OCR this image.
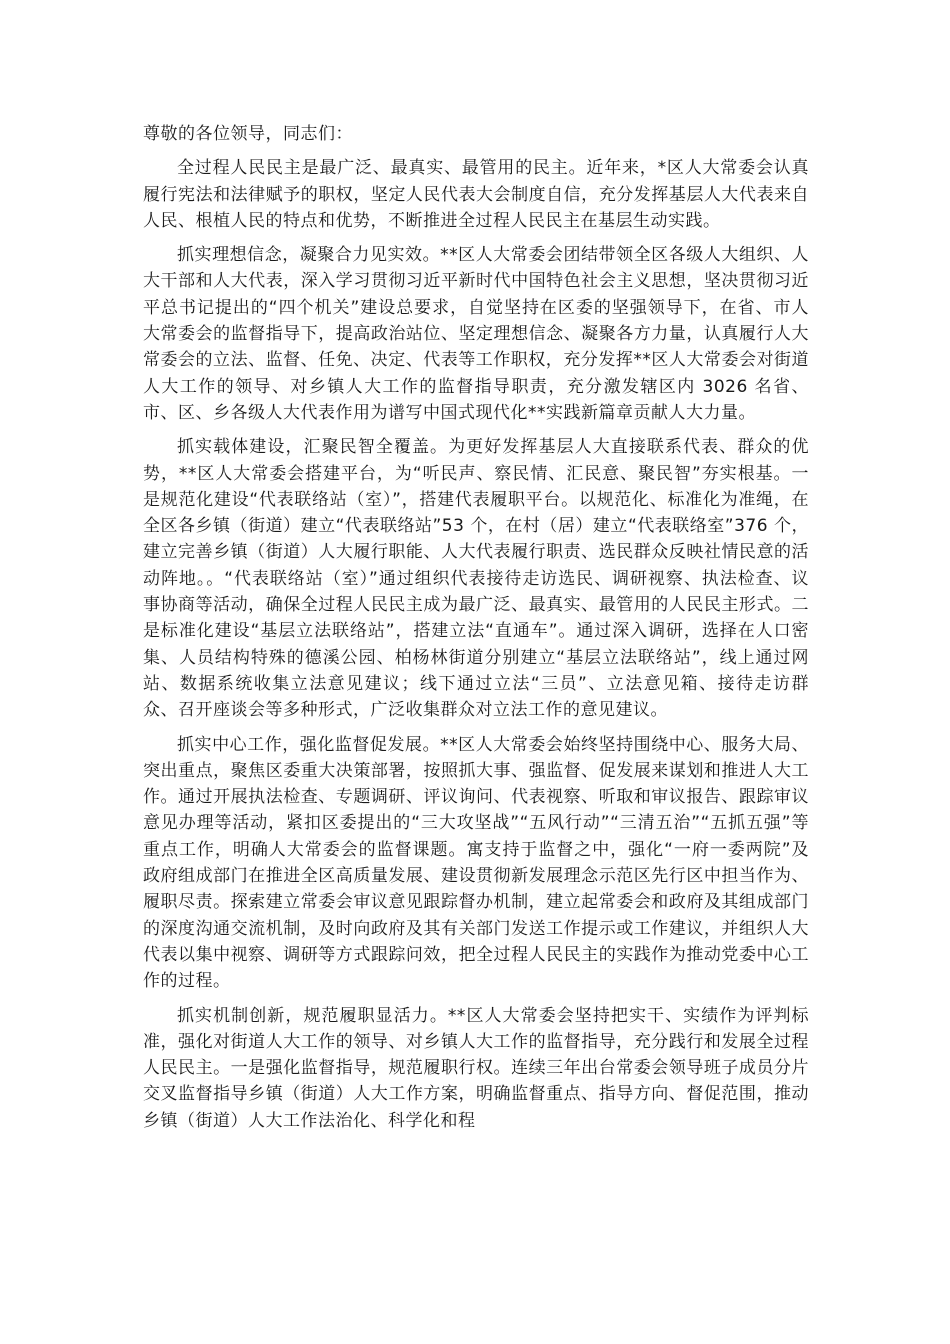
尊敬的各位领导，同志们：

全过程人民民主是最广泛、最真实、最管用的民主。近年来，*区人大常委会认真履行宪法和法律赋予的职权，坚定人民代表大会制度自信，充分发挥基层人大代表来自人民、根植人民的特点和优势，不断推进全过程人民民主在基层生动实践。

抓实理想信念，凝聚合力见实效。**区人大常委会团结带领全区各级人大组织、人大干部和人大代表，深入学习贯彻习近平新时代中国特色社会主义思想，坚决贯彻习近平总书记提出的“四个机关”建设总要求，自觉坚持在区委的坚强领导下，在省、市人大常委会的监督指导下，提高政治站位、坚定理想信念、凝聚各方力量，认真履行人大常委会的立法、监督、任免、决定、代表等工作职权，充分发挥**区人大常委会对街道人大工作的领导、对乡镇人大工作的监督指导职责，充分激发辖区内 3026 名省、市、区、乡各级人大代表作用为谱写中国式现代化**实践新篇章贡献人大力量。

抓实载体建设，汇聚民智全覆盖。为更好发挥基层人大直接联系代表、群众的优势，**区人大常委会搭建平台，为“听民声、察民情、汇民意、聚民智”夯实根基。一是规范化建设“代表联络站（室）”，搭建代表履职平台。以规范化、标准化为准绳，在全区各乡镇（街道）建立“代表联络站”53 个，在村（居）建立“代表联络室”376 个，建立完善乡镇（街道）人大履行职能、人大代表履行职责、选民群众反映社情民意的活动阵地。。“代表联络站（室）”通过组织代表接待走访选民、调研视察、执法检查、议事协商等活动，确保全过程人民民主成为最广泛、最真实、最管用的人民民主形式。二是标准化建设“基层立法联络站”，搭建立法“直通车”。通过深入调研，选择在人口密集、人员结构特殊的德溪公园、柏杨林街道分别建立“基层立法联络站”，线上通过网站、数据系统收集立法意见建议；线下通过立法“三员”、立法意见箱、接待走访群众、召开座谈会等多种形式，广泛收集群众对立法工作的意见建议。

抓实中心工作，强化监督促发展。**区人大常委会始终坚持围绕中心、服务大局、突出重点，聚焦区委重大决策部署，按照抓大事、强监督、促发展来谋划和推进人大工作。通过开展执法检查、专题调研、评议询问、代表视察、听取和审议报告、跟踪审议意见办理等活动，紧扣区委提出的“三大攻坚战”“五风行动”“三清五治”“五抓五强”等重点工作，明确人大常委会的监督课题。寓支持于监督之中，强化“一府一委两院”及政府组成部门在推进全区高质量发展、建设贯彻新发展理念示范区先行区中担当作为、履职尽责。探索建立常委会审议意见跟踪督办机制，建立起常委会和政府及其组成部门的深度沟通交流机制，及时向政府及其有关部门发送工作提示或工作建议，并组织人大代表以集中视察、调研等方式跟踪问效，把全过程人民民主的实践作为推动党委中心工作的过程。

抓实机制创新，规范履职显活力。**区人大常委会坚持把实干、实绩作为评判标准，强化对街道人大工作的领导、对乡镇人大工作的监督指导，充分践行和发展全过程人民民主。一是强化监督指导，规范履职行权。连续三年出台常委会领导班子成员分片交叉监督指导乡镇（街道）人大工作方案，明确监督重点、指导方向、督促范围，推动乡镇（街道）人大工作法治化、科学化和程
